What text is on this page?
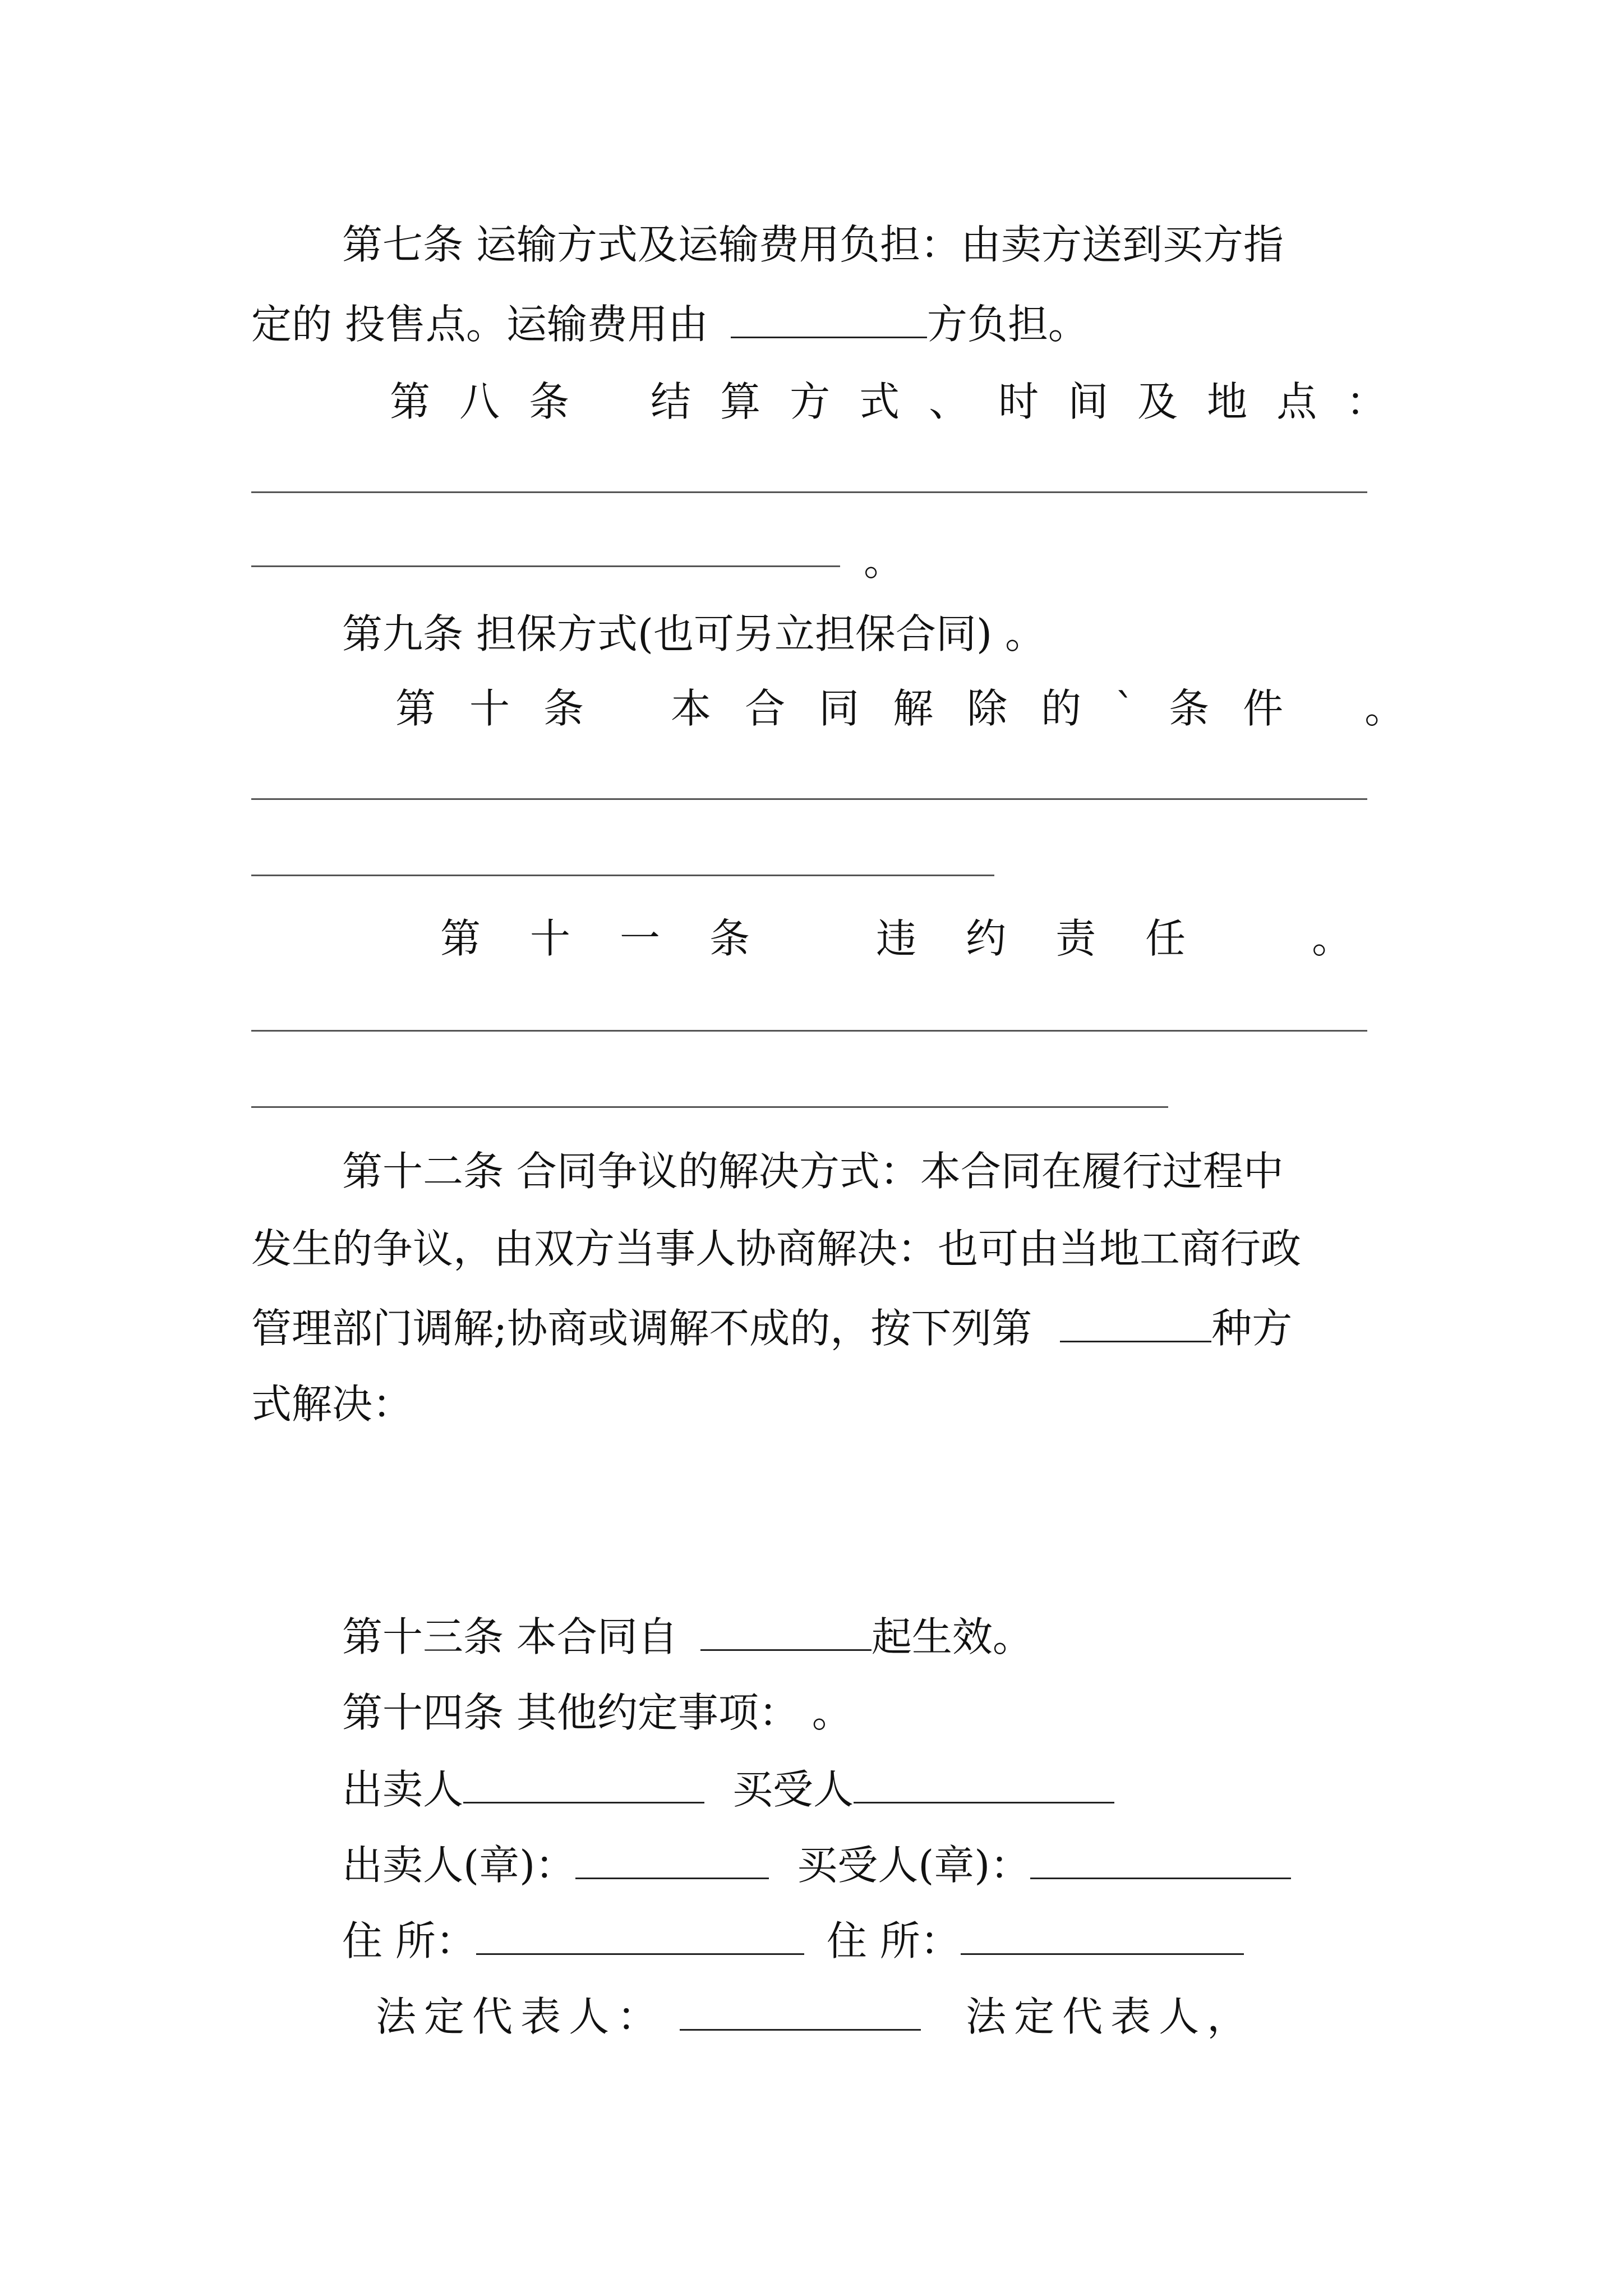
第七条 运输方式及运输费用负担：由卖方送到买方指
定的 投售点。运输费用由	方负担。
第 八 条 结 算 方 式 、 时 间 及 地 点 ：
。
第九条 担保方式(也可另立担保合同) 。
第 十 条 本 合 同 解 除 的 ` 条 件 。
第 十 一 条	违 约 责 任	。
第十二条 合同争议的解决方式：本合同在履行过程中
发生的争议，由双方当事人协商解决：也可由当地工商行政
管理部门调解;协商或调解不成的，按下列第	种方
式解决：
第十三条 本合同自	起生效。
第十四条 其他约定事项： 。
出卖人	买受人
出卖人(章)：	买受人(章)：
住 所：	住 所：
法 定 代 表 人 ：	法 定 代 表 人 ，
